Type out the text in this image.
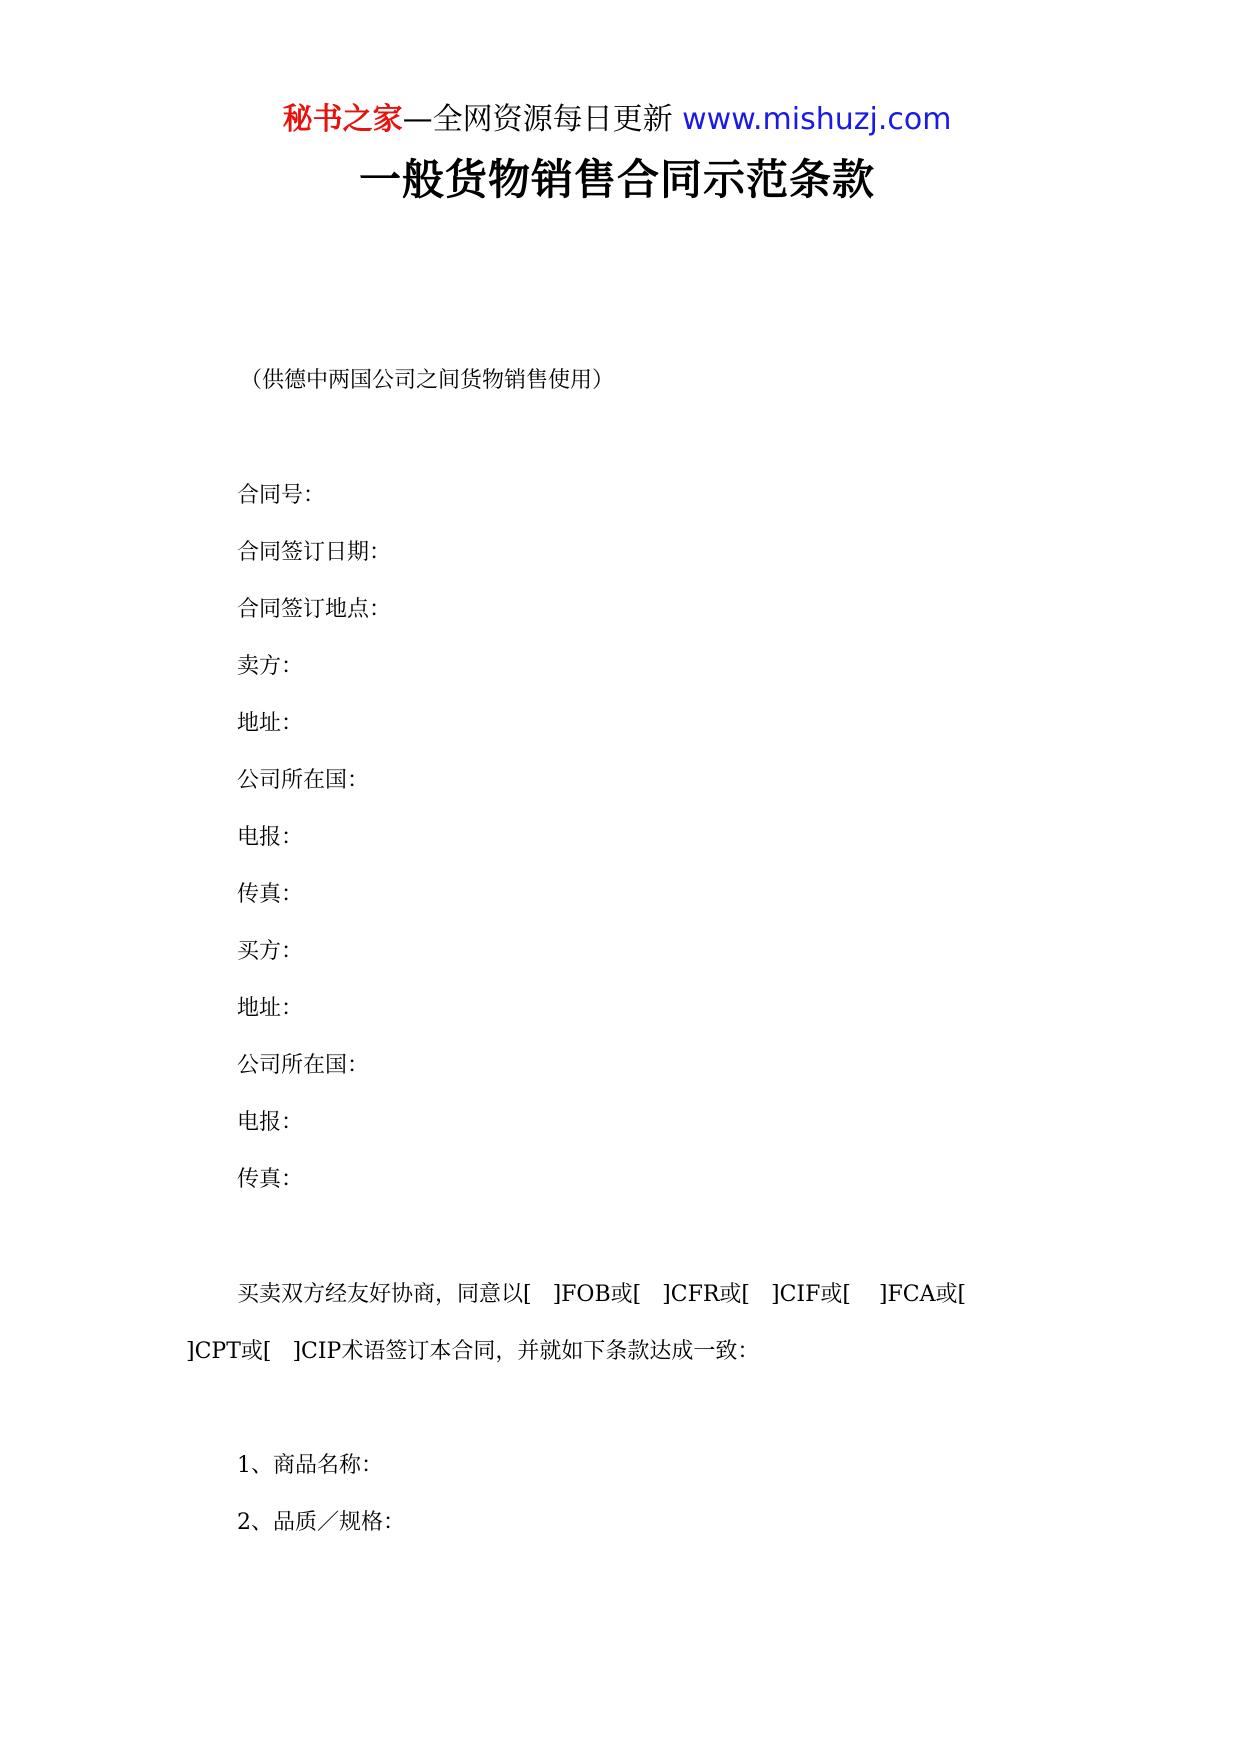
秘书之家—全网资源每日更新 www.mishuzj.com
一般货物销售合同示范条款
（供德中两国公司之间货物销售使用）
合同号：
合同签订日期：
合同签订地点：
卖方：
地址：
公司所在国：
电报：
传真：
买方：
地址：
公司所在国：
电报：
传真：
买卖双方经友好协商，同意以[   ]FOB或[   ]CFR或[   ]CIF或[    ]FCA或[
]CPT或[   ]CIP术语签订本合同，并就如下条款达成一致：
1、商品名称：
2、品质／规格：
